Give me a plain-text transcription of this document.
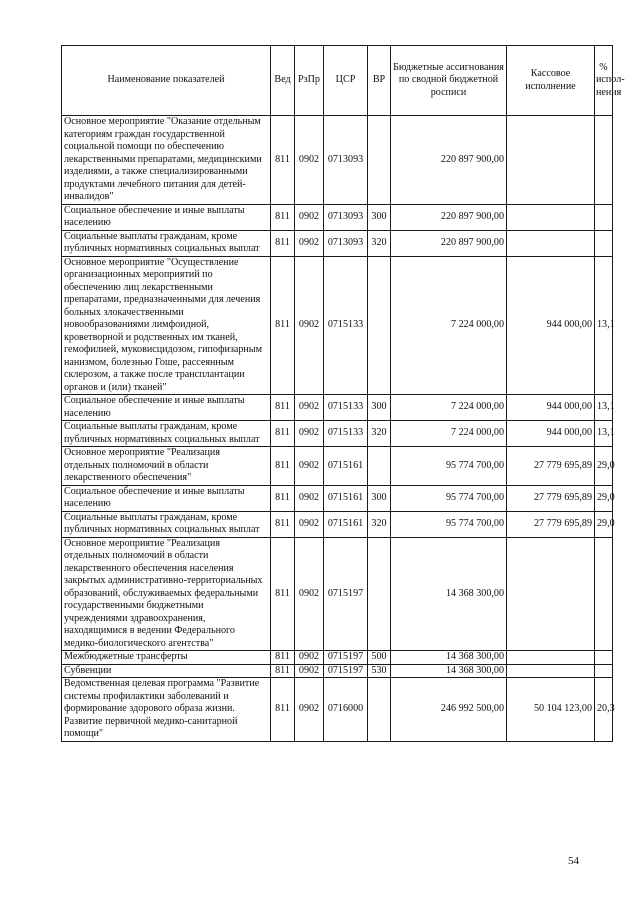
Наименование показателей	Вед	РзПр	ЦСР	ВР	Бюджетные ассигнования по сводной бюджетной росписи	Кассовое исполнение	% испол-нения
Основное мероприятие "Оказание отдельным категориям граждан государственной социальной помощи по обеспечению лекарственными препаратами, медицинскими изделиями, а также специализированными продуктами лечебного питания для детей-инвалидов"	811	0902	0713093		220 897 900,00		
Социальное обеспечение и иные выплаты населению	811	0902	0713093	300	220 897 900,00		
Социальные выплаты гражданам, кроме публичных нормативных социальных выплат	811	0902	0713093	320	220 897 900,00		
Основное мероприятие "Осуществление организационных мероприятий по обеспечению лиц лекарственными препаратами, предназначенными для лечения больных злокачественными новообразованиями лимфоидной, кроветворной и родственных им тканей, гемофилией, муковисцидозом, гипофизарным нанизмом, болезнью Гоше, рассеянным склерозом, а также после трансплантации органов и (или) тканей"	811	0902	0715133		7 224 000,00	944 000,00	13,1
Социальное обеспечение и иные выплаты населению	811	0902	0715133	300	7 224 000,00	944 000,00	13,1
Социальные выплаты гражданам, кроме публичных нормативных социальных выплат	811	0902	0715133	320	7 224 000,00	944 000,00	13,1
Основное мероприятие "Реализация отдельных полномочий в области лекарственного обеспечения"	811	0902	0715161		95 774 700,00	27 779 695,89	29,0
Социальное обеспечение и иные выплаты населению	811	0902	0715161	300	95 774 700,00	27 779 695,89	29,0
Социальные выплаты гражданам, кроме публичных нормативных социальных выплат	811	0902	0715161	320	95 774 700,00	27 779 695,89	29,0
Основное мероприятие "Реализация отдельных полномочий в области лекарственного обеспечения населения закрытых административно-территориальных образований, обслуживаемых федеральными государственными бюджетными учреждениями здравоохранения, находящимися в ведении Федерального медико-биологического агентства"	811	0902	0715197		14 368 300,00		
Межбюджетные трансферты	811	0902	0715197	500	14 368 300,00		
Субвенции	811	0902	0715197	530	14 368 300,00		
Ведомственная целевая программа "Развитие системы профилактики заболеваний и формирование здорового образа жизни. Развитие первичной медико-санитарной помощи"	811	0902	0716000		246 992 500,00	50 104 123,00	20,3
54
